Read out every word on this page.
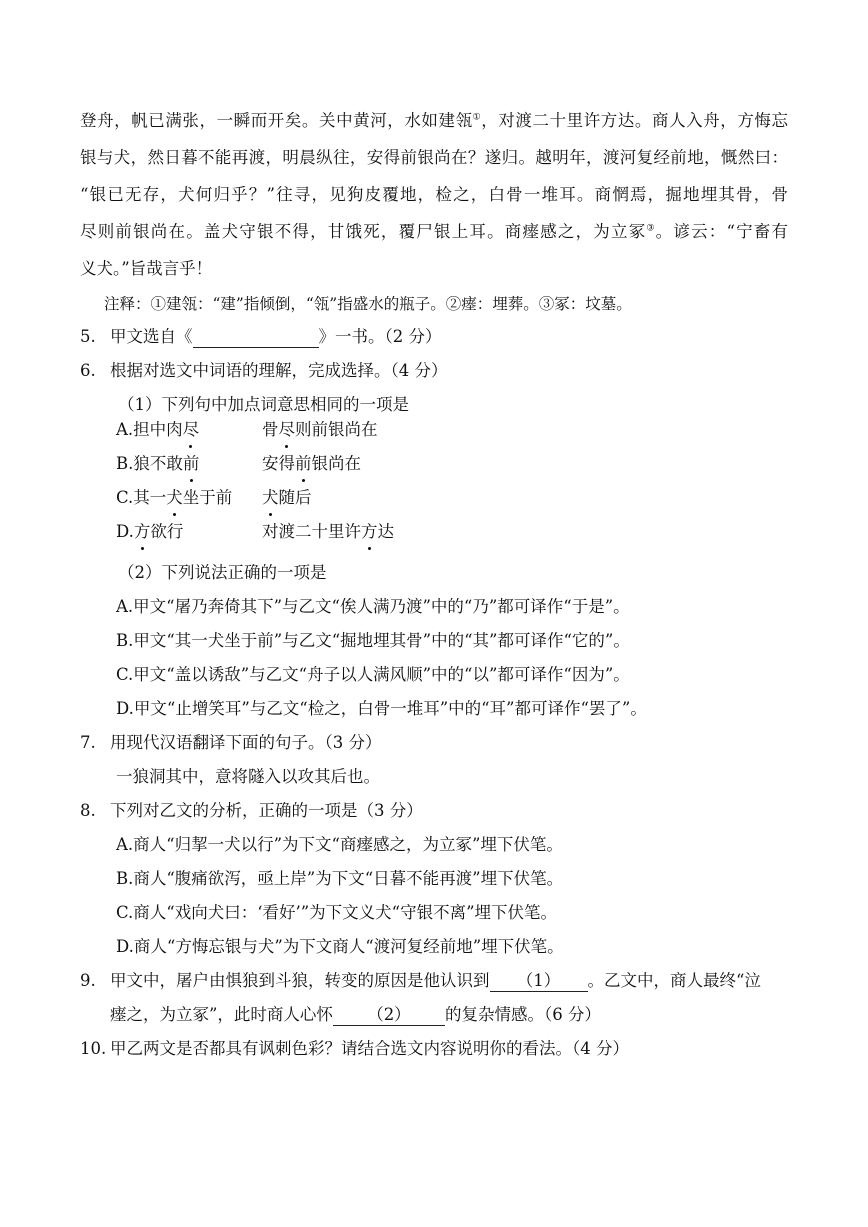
登舟，帆已满张，一瞬而开矣。关中黄河，水如建瓴①，对渡二十里许方达。商人入舟，方悔忘
银与犬，然日暮不能再渡，明晨纵往，安得前银尚在？遂归。越明年，渡河复经前地，慨然曰：
“银已无存，犬何归乎？”往寻，见狗皮覆地，检之，白骨一堆耳。商惘焉，掘地埋其骨，骨
尽则前银尚在。盖犬守银不得，甘饿死，覆尸银上耳。商瘗感之，为立冢③。谚云：“宁畜有
义犬。”旨哉言乎！
注释：①建瓴：“建”指倾倒，“瓴”指盛水的瓶子。②瘗：埋葬。③冢：坟墓。
5. 甲文选自《	》一书。（2 分）
6. 根据对选文中词语的理解，完成选择。（4 分）
（1）下列句中加点词意思相同的一项是
A.担中肉尽	骨尽则前银尚在
B.狼不敢前	安得前银尚在
C.其一犬坐于前 犬随后
D.方欲行	对渡二十里许方达
（2）下列说法正确的一项是
A.甲文“屠乃奔倚其下”与乙文“俟人满乃渡”中的“乃”都可译作“于是”。
B.甲文“其一犬坐于前”与乙文“掘地埋其骨”中的“其”都可译作“它的”。
C.甲文“盖以诱敌”与乙文“舟子以人满风顺”中的“以”都可译作“因为”。
D.甲文“止增笑耳”与乙文“检之，白骨一堆耳”中的“耳”都可译作“罢了”。
7. 用现代汉语翻译下面的句子。（3 分）
一狼洞其中，意将隧入以攻其后也。
8. 下列对乙文的分析，正确的一项是（3 分）
A.商人“归挈一犬以行”为下文“商瘗感之，为立冢”埋下伏笔。
B.商人“腹痛欲泻，亟上岸”为下文“日暮不能再渡”埋下伏笔。
C.商人“戏向犬曰：‘看好’”为下文义犬“守银不离”埋下伏笔。
D.商人“方悔忘银与犬”为下文商人“渡河复经前地”埋下伏笔。
9. 甲文中，屠户由惧狼到斗狼，转变的原因是他认识到 （1） 。乙文中，商人最终“泣
瘗之，为立冢”，此时商人心怀 （2） 的复杂情感。（6 分）
10. 甲乙两文是否都具有讽刺色彩？请结合选文内容说明你的看法。（4 分）
